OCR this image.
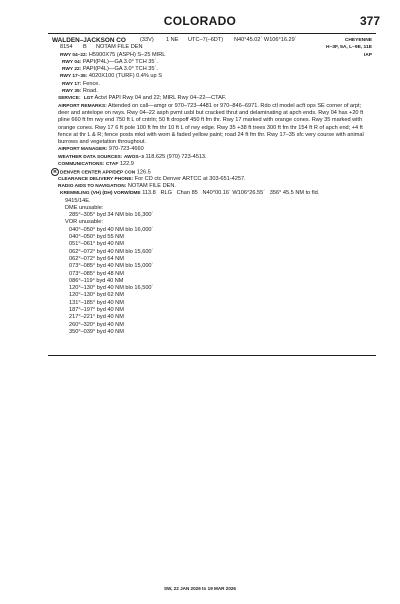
COLORADO	377
WALDEN–JACKSON CO	(33V) 1 NE UTC–7(–6DT) N40°45.02´ W106°16.29´	CHEYENNE
8154 B NOTAM FILE DEN	H–3F, 5A, L–9E, 11E
RWY 04–22: H5900X75 (ASPH) S–25 MIRL	IAP
RWY 04: PAPI(P4L)—GA 3.0° TCH 35´.
RWY 22: PAPI(P4L)—GA 3.0° TCH 35´.
RWY 17–35: 4020X100 (TURF) 0.4% up S
RWY 17: Fence.
RWY 35: Road.
SERVICE: LGT Actvt PAPI Rwy 04 and 22; MIRL Rwy 04–22—CTAF.
AIRPORT REMARKS: Attended on call—amgr or 970–723–4481 or 970–846–6971. Rdo ctl model acft ops SE corner of arpt; deer and antelope on rwys. Rwy 04–22 asph pvmt usbl but cracked thrut and delaminating at apch ends. Rwy 04 has +20 ft pline 660 ft fm rwy end 750 ft L of cntrln; 50 ft dropoff 450 ft fm thr. Rwy 17 marked with orange cones. Rwy 35 marked with orange cones. Rwy 17 6 ft pole 100 ft fm thr 10 ft L of rwy edge. Rwy 35 +38 ft trees 300 ft fm thr 154 ft R of apch end; +4 ft fence at thr L & R; fence posts mkd with wom & faded yellow paint; road 24 ft fm thr. Rwy 17–35 sfc very course with animal burrows and vegetation throughout.
AIRPORT MANAGER: 970-723-4660
WEATHER DATA SOURCES: AWOS–3 118.625 (970) 723-4513.
COMMUNICATIONS: CTAF 122.9
R DENVER CENTER APP/DEP CON 126.5
CLEARANCE DELIVERY PHONE: For CD ctc Denver ARTCC at 303-651-4257.
RADIO AIDS TO NAVIGATION: NOTAM FILE DEN.
KREMMLING (VH) (DH) VORW/DME 113.8 RLG Chan 85 N40°00.16´ W106°26.55´ 356° 45.5 NM to fld.
9415/14E.
DME unusable:
285°–305° byd 34 NM blo 16,300´
VOR unusable:
040°–050° byd 40 NM blo 16,000´
040°–050° byd 55 NM
051°–061° byd 40 NM
062°–072° byd 40 NM blo 15,600´
062°–072° byd 64 NM
073°–085° byd 40 NM blo 15,000´
073°–085° byd 48 NM
086°–119° byd 40 NM
120°–130° byd 40 NM blo 16,500´
120°–130° byd 62 NM
131°–185° byd 40 NM
187°–197° byd 40 NM
217°–221° byd 40 NM
260°–320° byd 40 NM
350°–039° byd 40 NM
SW, 22 JAN 2026 to 19 MAR 2026
